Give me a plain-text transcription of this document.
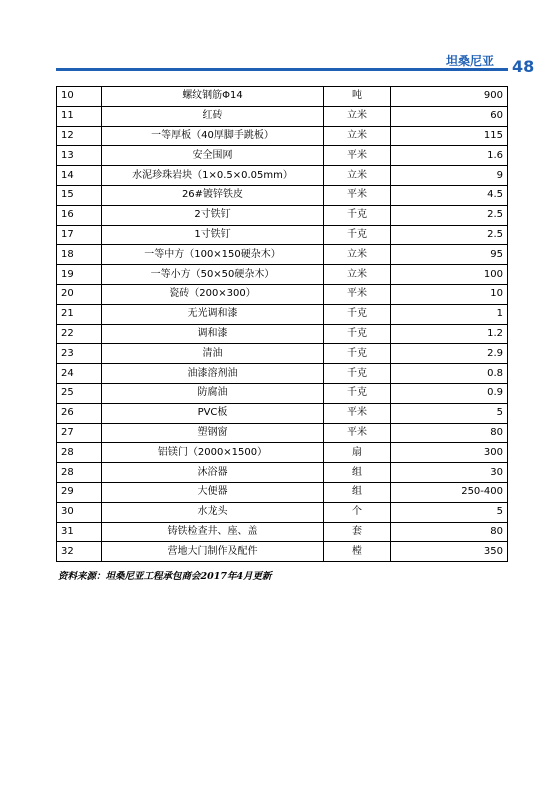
坦桑尼亚 48
10	螺纹钢筋Φ14	吨	900
11	红砖	立米	60
12	一等厚板（40厚脚手跳板）	立米	115
13	安全围网	平米	1.6
14	水泥珍珠岩块（1×0.5×0.05mm）	立米	9
15	26#镀锌铁皮	平米	4.5
16	2寸铁钉	千克	2.5
17	1寸铁钉	千克	2.5
18	一等中方（100×150硬杂木）	立米	95
19	一等小方（50×50硬杂木）	立米	100
20	瓷砖（200×300）	平米	10
21	无光调和漆	千克	1
22	调和漆	千克	1.2
23	清油	千克	2.9
24	油漆溶剂油	千克	0.8
25	防腐油	千克	0.9
26	PVC板	平米	5
27	塑钢窗	平米	80
28	铝镁门（2000×1500）	扇	300
28	沐浴器	组	30
29	大便器	组	250-400
30	水龙头	个	5
31	铸铁检查井、座、盖	套	80
32	营地大门制作及配件	樘	350
资料来源：坦桑尼亚工程承包商会2017年4月更新
